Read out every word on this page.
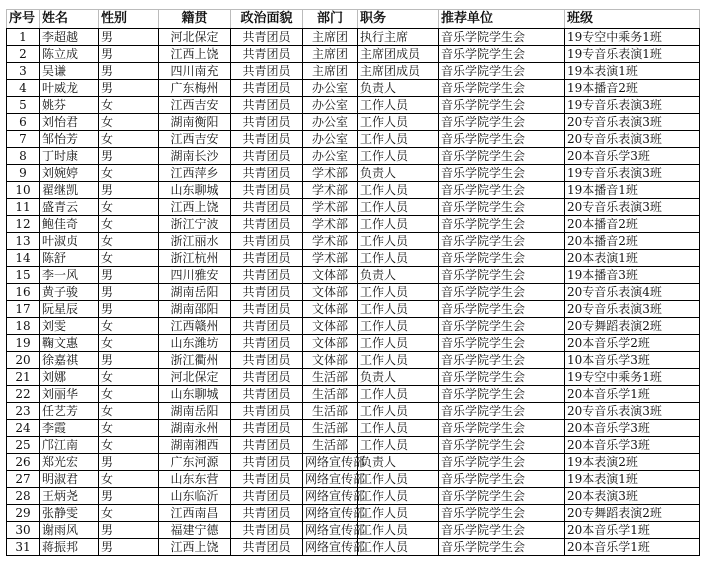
序号	姓名	性别	籍贯	政治面貌	部门	职务	推荐单位	班级
1	李超越	男	河北保定	共青团员	主席团	执行主席	音乐学院学生会	19专空中乘务1班
2	陈立成	男	江西上饶	共青团员	主席团	主席团成员	音乐学院学生会	19专音乐表演1班
3	吴谦	男	四川南充	共青团员	主席团	主席团成员	音乐学院学生会	19本表演1班
4	叶威龙	男	广东梅州	共青团员	办公室	负责人	音乐学院学生会	19本播音2班
5	姚芬	女	江西吉安	共青团员	办公室	工作人员	音乐学院学生会	19专音乐表演3班
6	刘怡君	女	湖南衡阳	共青团员	办公室	工作人员	音乐学院学生会	20专音乐表演3班
7	邹怡芳	女	江西吉安	共青团员	办公室	工作人员	音乐学院学生会	20专音乐表演3班
8	丁时康	男	湖南长沙	共青团员	办公室	工作人员	音乐学院学生会	20本音乐学3班
9	刘婉婷	女	江西萍乡	共青团员	学术部	负责人	音乐学院学生会	19专音乐表演3班
10	翟继凯	男	山东聊城	共青团员	学术部	工作人员	音乐学院学生会	19本播音1班
11	盛青云	女	江西上饶	共青团员	学术部	工作人员	音乐学院学生会	20专音乐表演3班
12	鲍佳奇	女	浙江宁波	共青团员	学术部	工作人员	音乐学院学生会	20本播音2班
13	叶淑贞	女	浙江丽水	共青团员	学术部	工作人员	音乐学院学生会	20本播音2班
14	陈舒	女	浙江杭州	共青团员	学术部	工作人员	音乐学院学生会	20本表演1班
15	李一风	男	四川雅安	共青团员	文体部	负责人	音乐学院学生会	19本播音3班
16	黄子骏	男	湖南岳阳	共青团员	文体部	工作人员	音乐学院学生会	20专音乐表演4班
17	阮星辰	男	湖南邵阳	共青团员	文体部	工作人员	音乐学院学生会	20专音乐表演3班
18	刘雯	女	江西赣州	共青团员	文体部	工作人员	音乐学院学生会	20专舞蹈表演2班
19	鞠文惠	女	山东潍坊	共青团员	文体部	工作人员	音乐学院学生会	20本音乐学2班
20	徐嘉祺	男	浙江衢州	共青团员	文体部	工作人员	音乐学院学生会	10本音乐学3班
21	刘娜	女	河北保定	共青团员	生活部	负责人	音乐学院学生会	19专空中乘务1班
22	刘丽华	女	山东聊城	共青团员	生活部	工作人员	音乐学院学生会	20本音乐学1班
23	任艺芳	女	湖南岳阳	共青团员	生活部	工作人员	音乐学院学生会	20专音乐表演3班
24	李霞	女	湖南永州	共青团员	生活部	工作人员	音乐学院学生会	20本音乐学3班
25	邝江南	女	湖南湘西	共青团员	生活部	工作人员	音乐学院学生会	20本音乐学3班
26	郑光宏	男	广东河源	共青团员	网络宣传部	负责人	音乐学院学生会	19本表演2班
27	明淑君	女	山东东营	共青团员	网络宣传部	工作人员	音乐学院学生会	19本表演1班
28	王炳尧	男	山东临沂	共青团员	网络宣传部	工作人员	音乐学院学生会	20本表演3班
29	张静雯	女	江西南昌	共青团员	网络宣传部	工作人员	音乐学院学生会	20专舞蹈表演2班
30	谢雨风	男	福建宁德	共青团员	网络宣传部	工作人员	音乐学院学生会	20本音乐学1班
31	蒋振邦	男	江西上饶	共青团员	网络宣传部	工作人员	音乐学院学生会	20本音乐学1班
